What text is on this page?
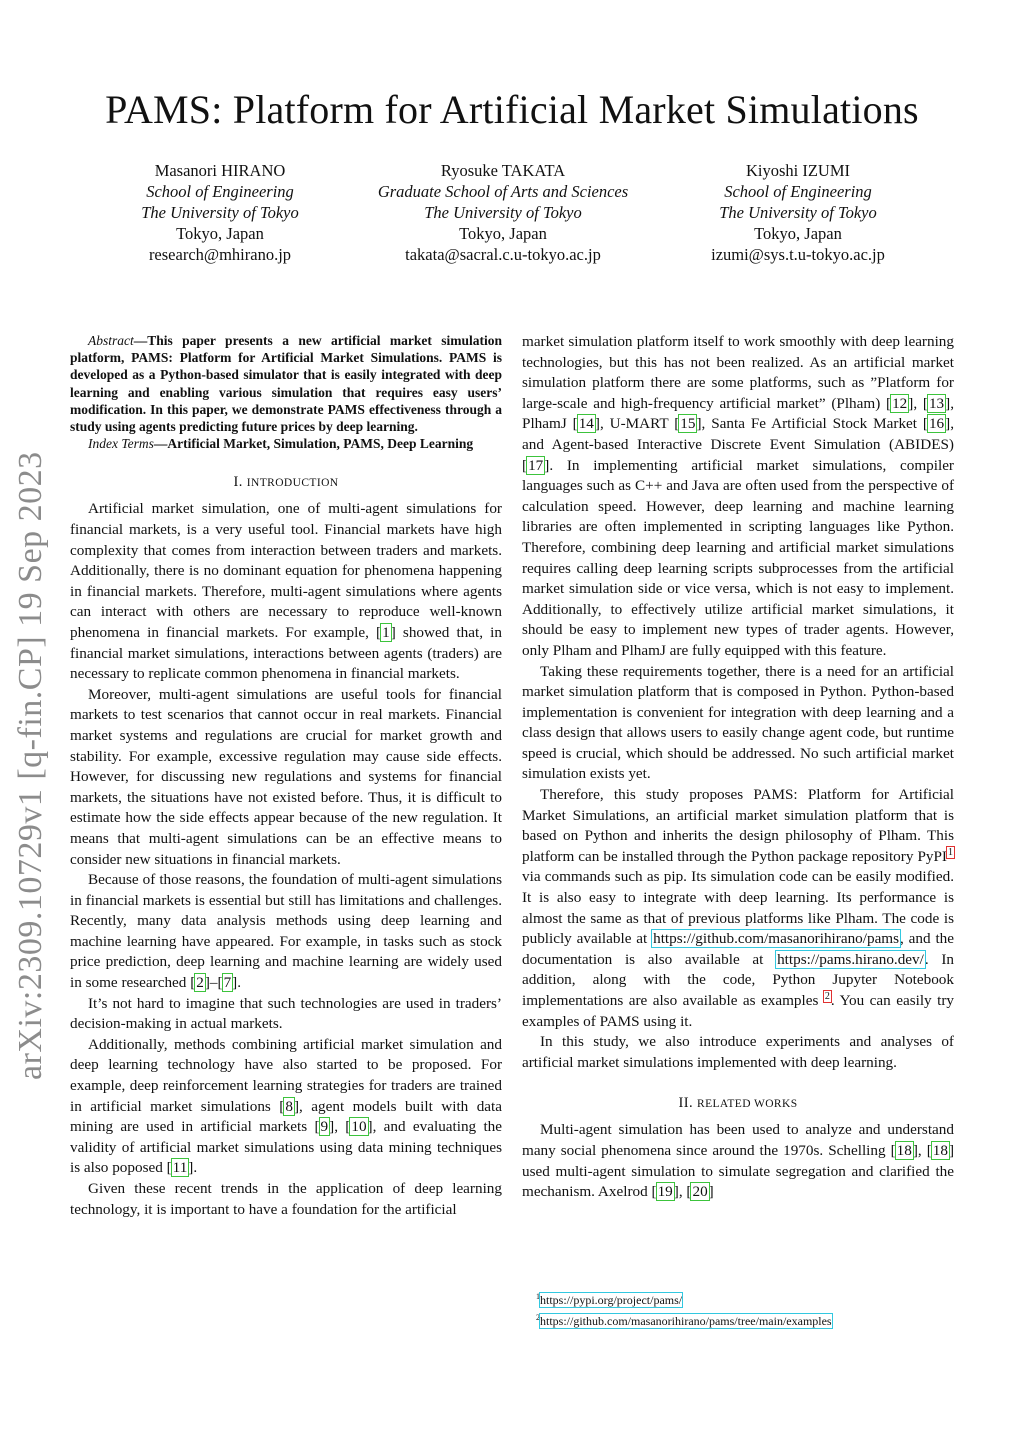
PAMS: Platform for Artificial Market Simulations
Masanori HIRANO
School of Engineering
The University of Tokyo
Tokyo, Japan
research@mhirano.jp
Ryosuke TAKATA
Graduate School of Arts and Sciences
The University of Tokyo
Tokyo, Japan
takata@sacral.c.u-tokyo.ac.jp
Kiyoshi IZUMI
School of Engineering
The University of Tokyo
Tokyo, Japan
izumi@sys.t.u-tokyo.ac.jp
arXiv:2309.10729v1 [q-fin.CP] 19 Sep 2023

Abstract—This paper presents a new artificial market simulation platform, PAMS: Platform for Artificial Market Simulations. PAMS is developed as a Python-based simulator that is easily integrated with deep learning and enabling various simulation that requires easy users’ modification. In this paper, we demonstrate PAMS effectiveness through a study using agents predicting future prices by deep learning.

Index Terms—Artificial Market, Simulation, PAMS, Deep Learning

I. INTRODUCTION

Artificial market simulation, one of multi-agent simulations for financial markets, is a very useful tool. Financial markets have high complexity that comes from interaction between traders and markets. Additionally, there is no dominant equation for phenomena happening in financial markets. Therefore, multi-agent simulations where agents can interact with others are necessary to reproduce well-known phenomena in financial markets. For example, [1] showed that, in financial market simulations, interactions between agents (traders) are necessary to replicate common phenomena in financial markets.

Moreover, multi-agent simulations are useful tools for financial markets to test scenarios that cannot occur in real markets. Financial market systems and regulations are crucial for market growth and stability. For example, excessive regulation may cause side effects. However, for discussing new regulations and systems for financial markets, the situations have not existed before. Thus, it is difficult to estimate how the side effects appear because of the new regulation. It means that multi-agent simulations can be an effective means to consider new situations in financial markets.

Because of those reasons, the foundation of multi-agent simulations in financial markets is essential but still has limitations and challenges. Recently, many data analysis methods using deep learning and machine learning have appeared. For example, in tasks such as stock price prediction, deep learning and machine learning are widely used in some researched [2]–[7].

It’s not hard to imagine that such technologies are used in traders’ decision-making in actual markets.

Additionally, methods combining artificial market simulation and deep learning technology have also started to be proposed. For example, deep reinforcement learning strategies for traders are trained in artificial market simulations [8], agent models built with data mining are used in artificial markets [9], [10], and evaluating the validity of artificial market simulations using data mining techniques is also poposed [11].

Given these recent trends in the application of deep learning technology, it is important to have a foundation for the artificial

market simulation platform itself to work smoothly with deep learning technologies, but this has not been realized. As an artificial market simulation platform there are some platforms, such as ”Platform for large-scale and high-frequency artificial market” (Plham) [12], [13], PlhamJ [14], U-MART [15], Santa Fe Artificial Stock Market [16], and Agent-based Interactive Discrete Event Simulation (ABIDES) [17]. In implementing artificial market simulations, compiler languages such as C++ and Java are often used from the perspective of calculation speed. However, deep learning and machine learning libraries are often implemented in scripting languages like Python. Therefore, combining deep learning and artificial market simulations requires calling deep learning scripts subprocesses from the artificial market simulation side or vice versa, which is not easy to implement. Additionally, to effectively utilize artificial market simulations, it should be easy to implement new types of trader agents. However, only Plham and PlhamJ are fully equipped with this feature.

Taking these requirements together, there is a need for an artificial market simulation platform that is composed in Python. Python-based implementation is convenient for integration with deep learning and a class design that allows users to easily change agent code, but runtime speed is crucial, which should be addressed. No such artificial market simulation exists yet.

Therefore, this study proposes PAMS: Platform for Artificial Market Simulations, an artificial market simulation platform that is based on Python and inherits the design philosophy of Plham. This platform can be installed through the Python package repository PyPI$^1$ via commands such as pip. Its simulation code can be easily modified. It is also easy to integrate with deep learning. Its performance is almost the same as that of previous platforms like Plham. The code is publicly available at https://github.com/masanorihirano/pams, and the documentation is also available at https://pams.hirano.dev/. In addition, along with the code, Python Jupyter Notebook implementations are also available as examples $^2$. You can easily try examples of PAMS using it.

In this study, we also introduce experiments and analyses of artificial market simulations implemented with deep learning.

II. RELATED WORKS

Multi-agent simulation has been used to analyze and understand many social phenomena since around the 1970s. Schelling [18], [18] used multi-agent simulation to simulate segregation and clarified the mechanism. Axelrod [19], [20]

$^1$https://pypi.org/project/pams/
$^2$https://github.com/masanorihirano/pams/tree/main/examples
